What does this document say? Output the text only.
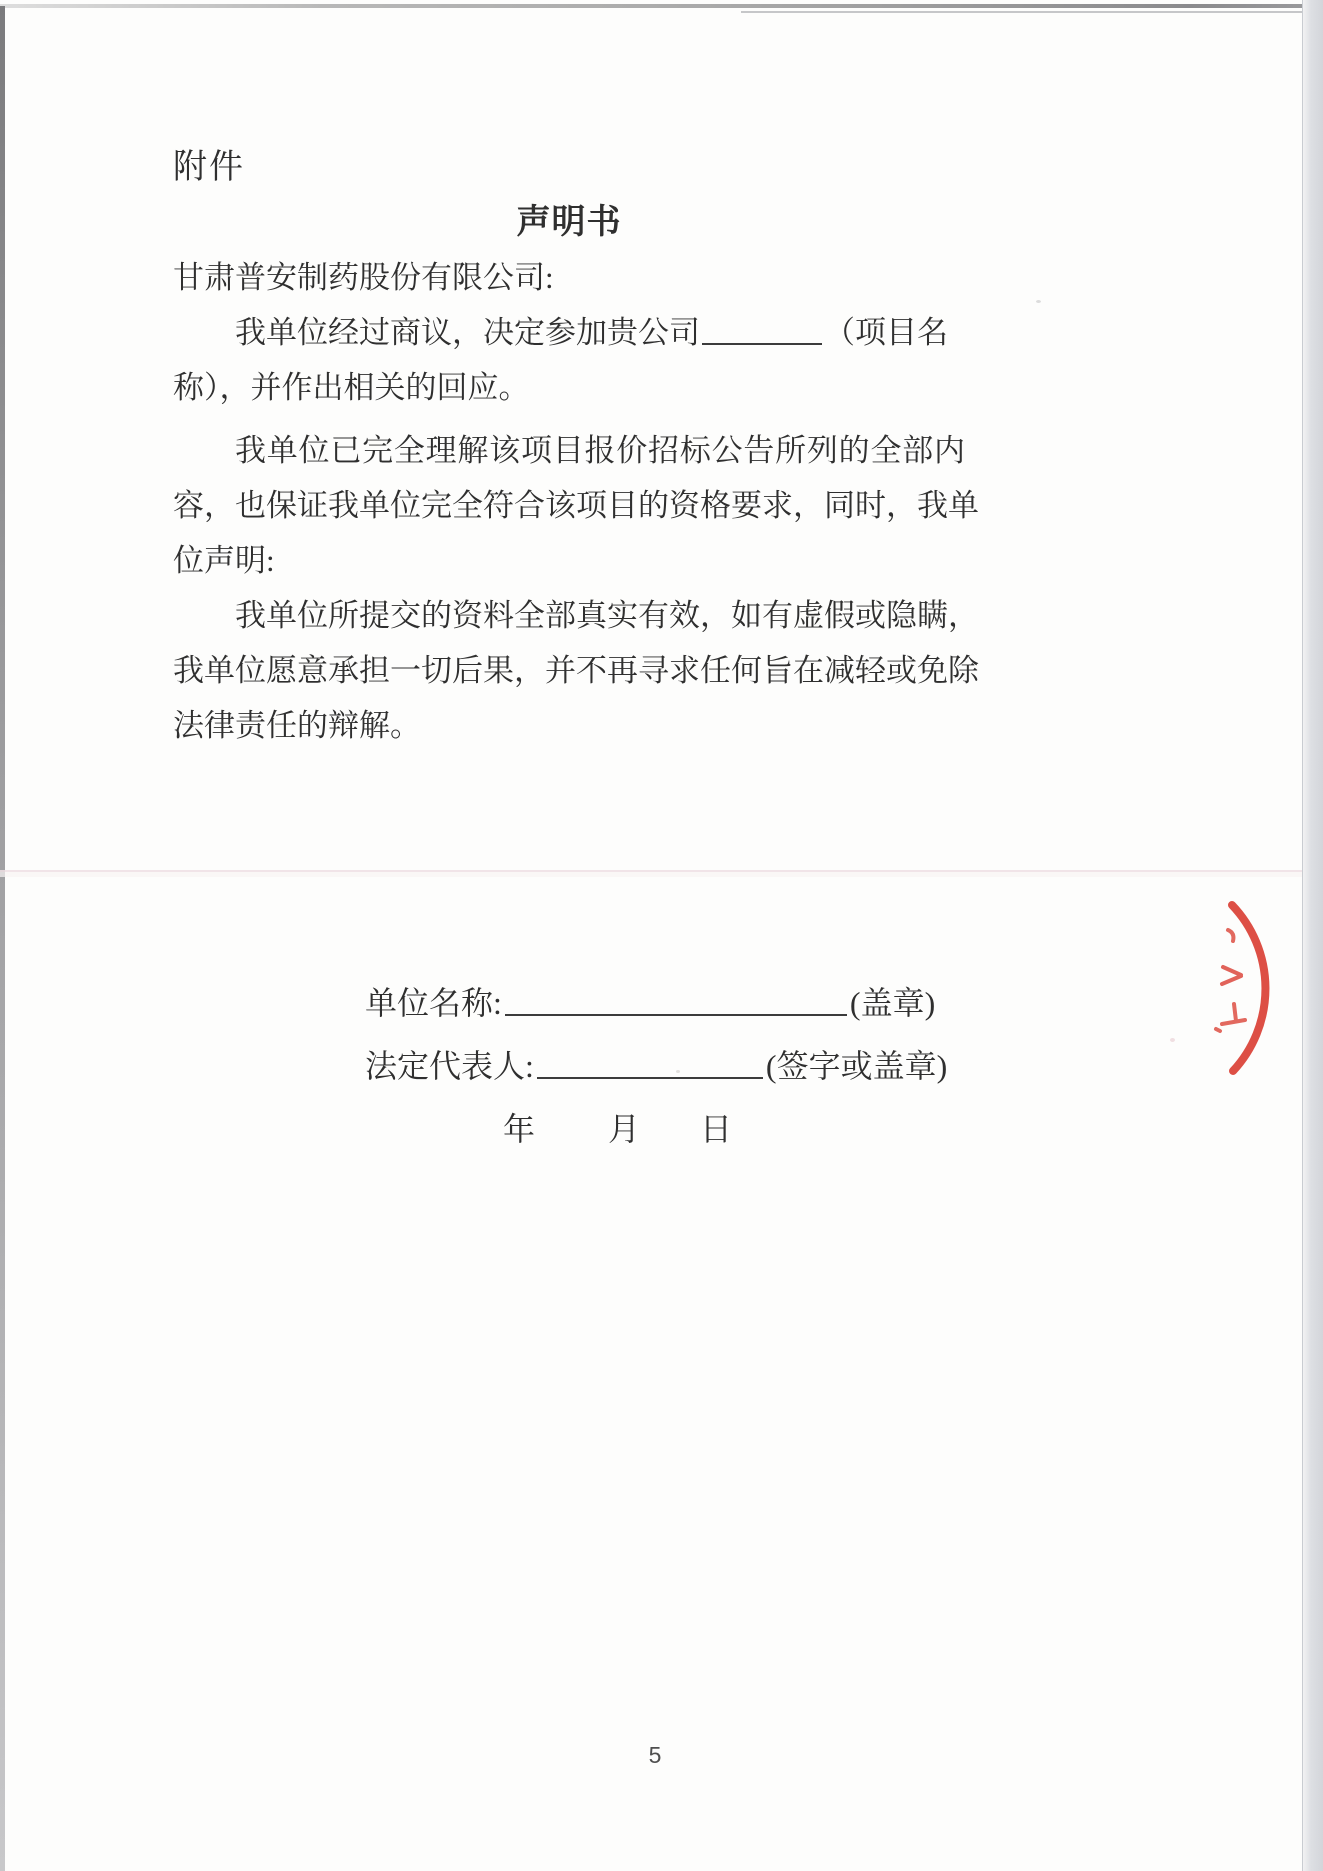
附件
声明书
甘肃普安制药股份有限公司:
我单位经过商议，决定参加贵公司	（项目名
称），并作出相关的回应。
我单位已完全理解该项目报价招标公告所列的全部内
容，也保证我单位完全符合该项目的资格要求，同时，我单
位声明:
我单位所提交的资料全部真实有效，如有虚假或隐瞒，
我单位愿意承担一切后果，并不再寻求任何旨在减轻或免除
法律责任的辩解。
单位名称:	(盖章)
法定代表人:	(签字或盖章)
年 月 日
5
